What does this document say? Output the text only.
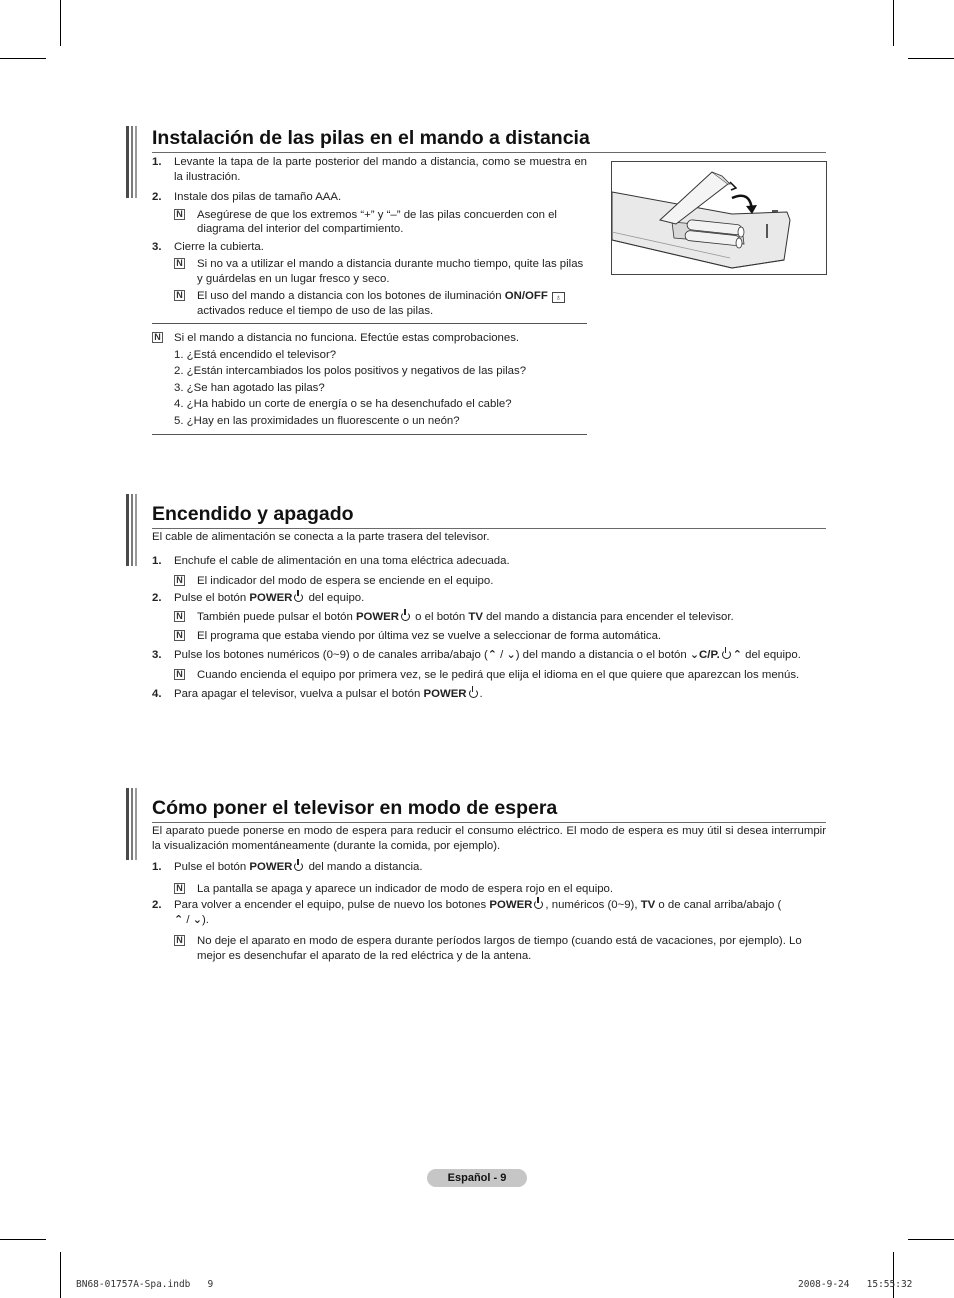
Instalación de las pilas en el mando a distancia

1. Levante la tapa de la parte posterior del mando a distancia, como se muestra en la ilustración.

2. Instale dos pilas de tamaño AAA.

N Asegúrese de que los extremos “+” y “–” de las pilas concuerden con el diagrama del interior del compartimiento.

3. Cierre la cubierta.

N Si no va a utilizar el mando a distancia durante mucho tiempo, quite las pilas y guárdelas en un lugar fresco y seco.

N El uso del mando a distancia con los botones de iluminación ON/OFF ♁
activados reduce el tiempo de uso de las pilas.

N Si el mando a distancia no funciona. Efectúe estas comprobaciones.

1. ¿Está encendido el televisor?

2. ¿Están intercambiados los polos positivos y negativos de las pilas?

3. ¿Se han agotado las pilas?

4. ¿Ha habido un corte de energía o se ha desenchufado el cable?

5. ¿Hay en las proximidades un fluorescente o un neón?

Encendido y apagado

El cable de alimentación se conecta a la parte trasera del televisor.

1. Enchufe el cable de alimentación en una toma eléctrica adecuada.

N El indicador del modo de espera se enciende en el equipo.

2. Pulse el botón POWER del equipo.

N También puede pulsar el botón POWER o el botón TV del mando a distancia para encender el televisor.

N El programa que estaba viendo por última vez se vuelve a seleccionar de forma automática.

3. Pulse los botones numéricos (0~9) o de canales arriba/abajo (⌃ / ⌄) del mando a distancia o el botón ⌄C/P. ⌃ del equipo.

N Cuando encienda el equipo por primera vez, se le pedirá que elija el idioma en el que quiere que aparezcan los menús.

4. Para apagar el televisor, vuelva a pulsar el botón POWER .

Cómo poner el televisor en modo de espera

El aparato puede ponerse en modo de espera para reducir el consumo eléctrico. El modo de espera es muy útil si desea interrumpir la visualización momentáneamente (durante la comida, por ejemplo).

1. Pulse el botón POWER del mando a distancia.

N La pantalla se apaga y aparece un indicador de modo de espera rojo en el equipo.

2. Para volver a encender el equipo, pulse de nuevo los botones POWER , numéricos (0~9), TV o de canal arriba/abajo (
⌃ / ⌄).

N No deje el aparato en modo de espera durante períodos largos de tiempo (cuando está de vacaciones, por ejemplo). Lo mejor es desenchufar el aparato de la red eléctrica y de la antena.

Español - 9
BN68-01757A-Spa.indb   9	2008-9-24   15:55:32
